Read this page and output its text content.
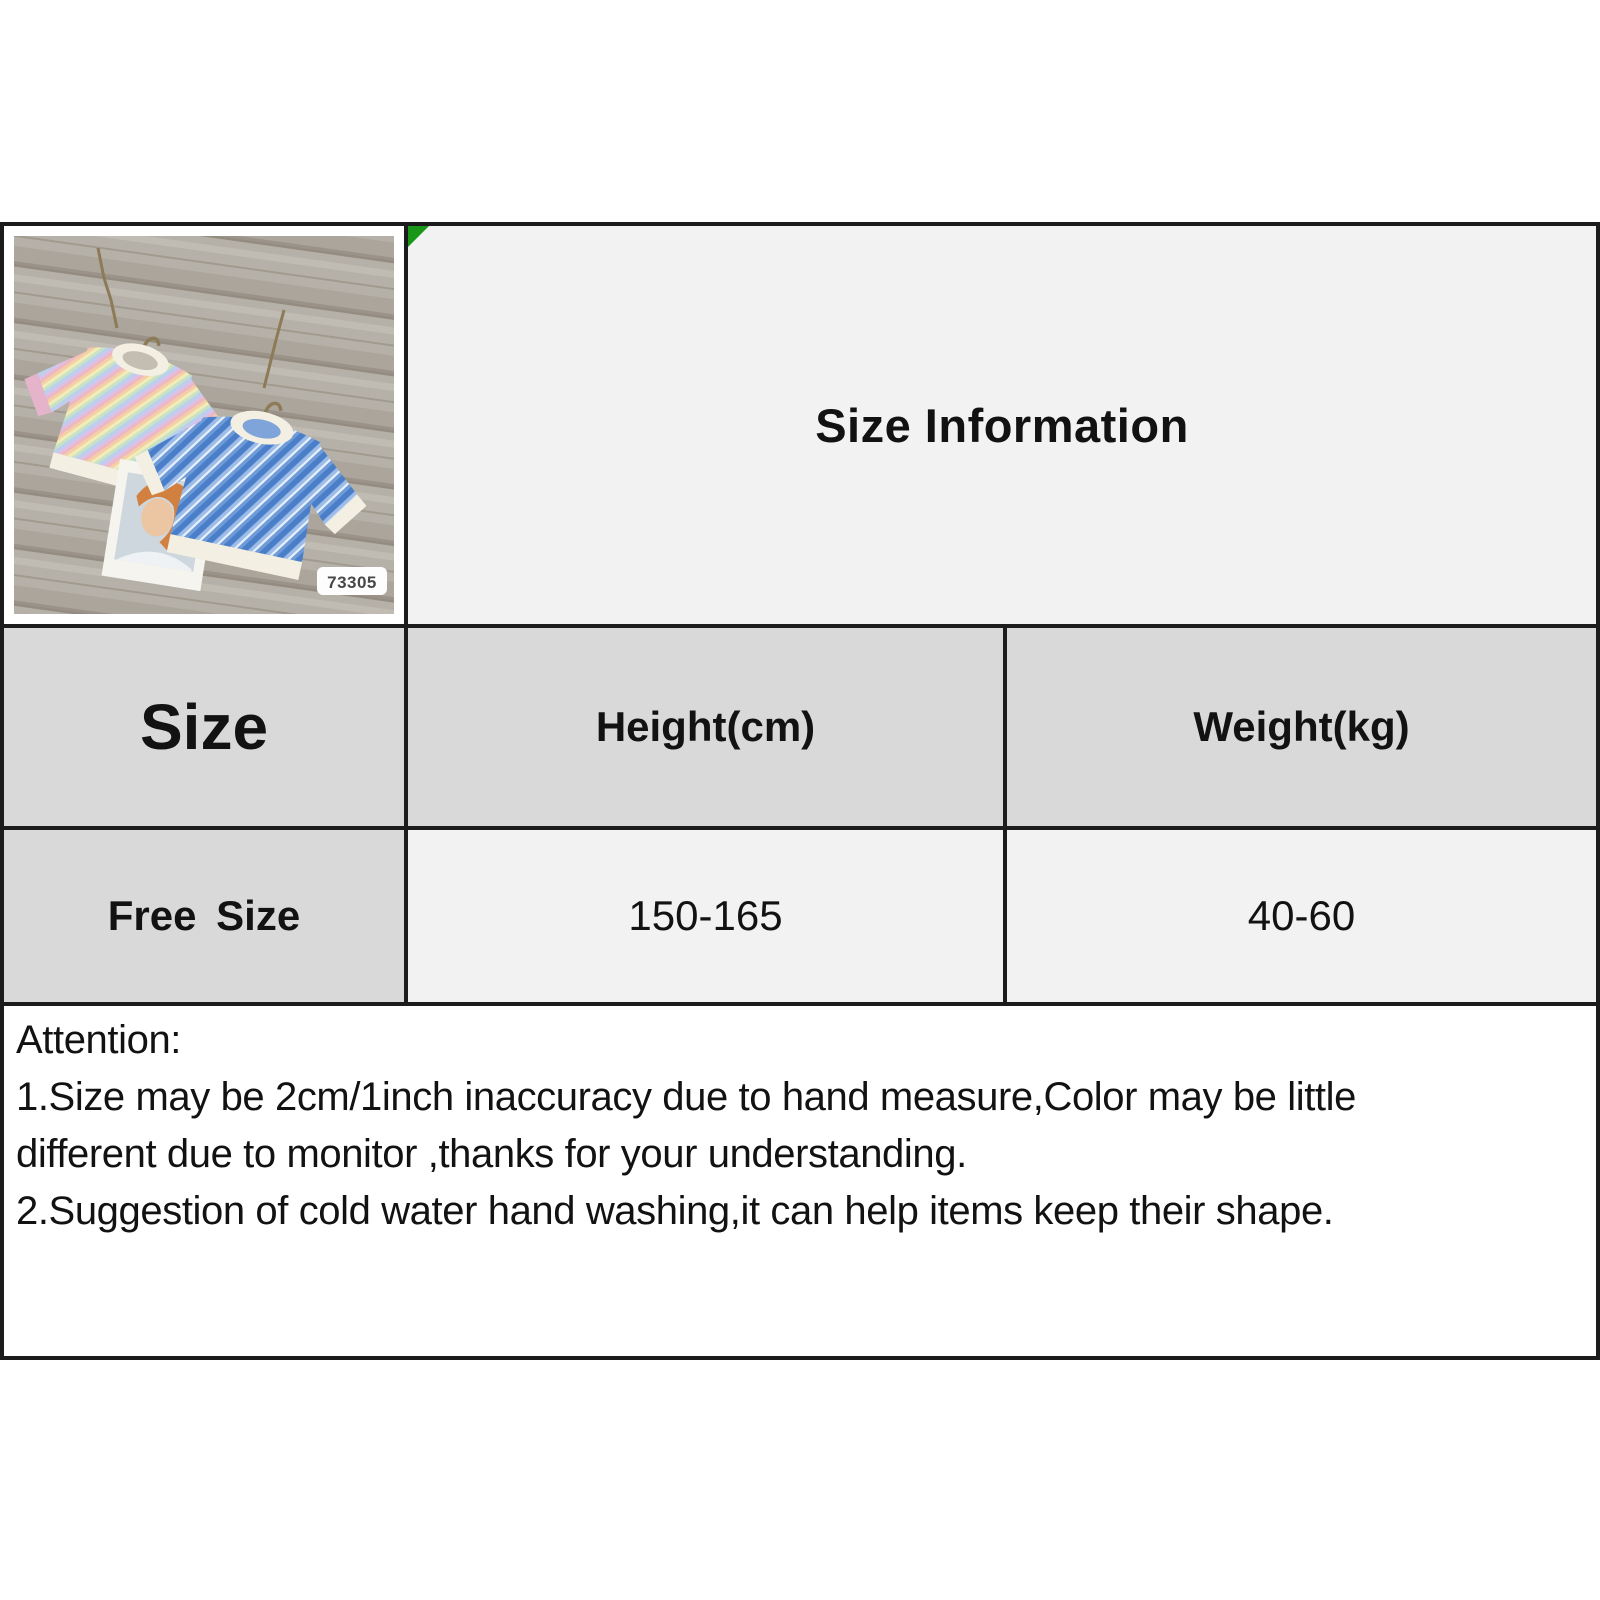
73305
Size Information
Size	Height(cm)	Weight(kg)
Free Size	150-165	40-60
Attention:
1.Size may be 2cm/1inch inaccuracy due to hand measure,Color may be little
different due to monitor ,thanks for your understanding.
2.Suggestion of cold water hand washing,it can help items keep their shape.
